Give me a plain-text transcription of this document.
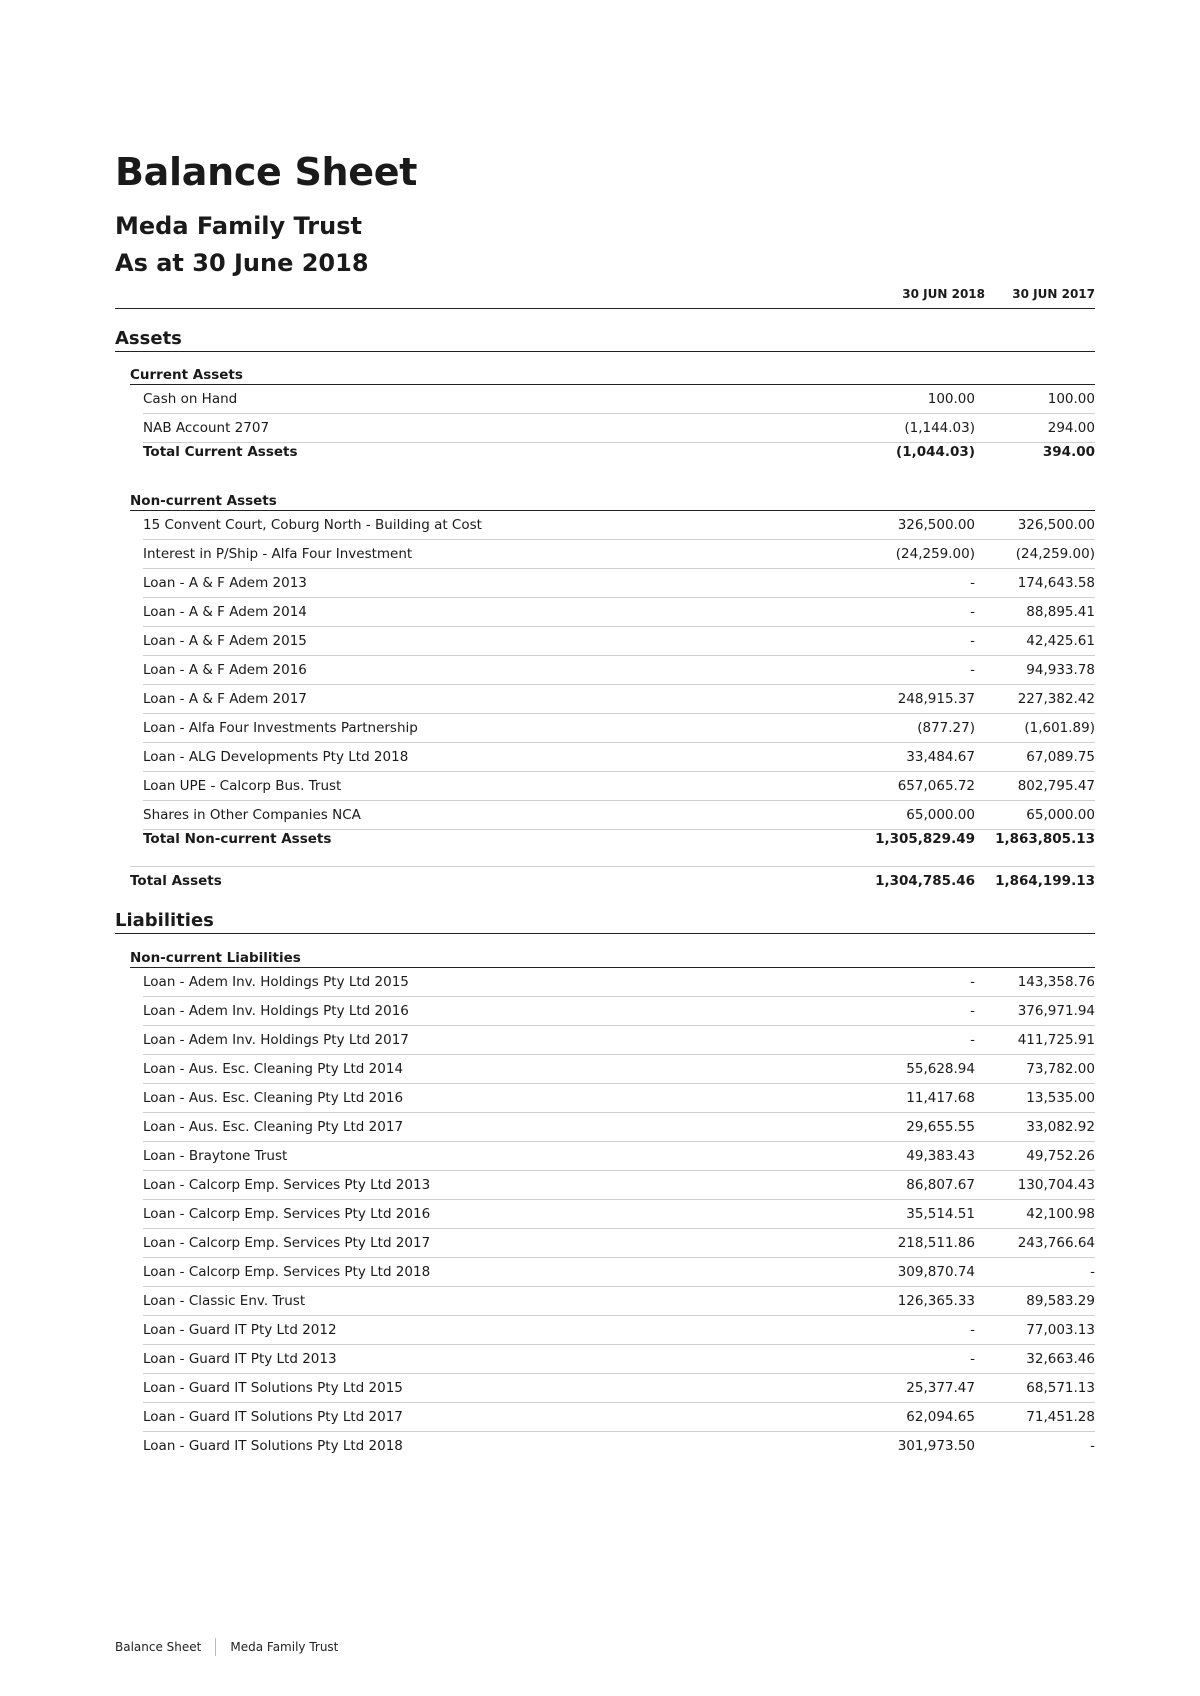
Balance Sheet
Meda Family Trust
As at 30 June 2018
30 JUN 2018	30 JUN 2017
Assets
Current Assets
Cash on Hand	100.00	100.00
NAB Account 2707	(1,144.03)	294.00
Total Current Assets	(1,044.03)	394.00
Non-current Assets
15 Convent Court, Coburg North - Building at Cost	326,500.00	326,500.00
Interest in P/Ship - Alfa Four Investment	(24,259.00)	(24,259.00)
Loan - A & F Adem 2013	-	174,643.58
Loan - A & F Adem 2014	-	88,895.41
Loan - A & F Adem 2015	-	42,425.61
Loan - A & F Adem 2016	-	94,933.78
Loan - A & F Adem 2017	248,915.37	227,382.42
Loan - Alfa Four Investments Partnership	(877.27)	(1,601.89)
Loan - ALG Developments Pty Ltd 2018	33,484.67	67,089.75
Loan UPE - Calcorp Bus. Trust	657,065.72	802,795.47
Shares in Other Companies NCA	65,000.00	65,000.00
Total Non-current Assets	1,305,829.49	1,863,805.13
Total Assets	1,304,785.46	1,864,199.13
Liabilities
Non-current Liabilities
Loan - Adem Inv. Holdings Pty Ltd 2015	-	143,358.76
Loan - Adem Inv. Holdings Pty Ltd 2016	-	376,971.94
Loan - Adem Inv. Holdings Pty Ltd 2017	-	411,725.91
Loan - Aus. Esc. Cleaning Pty Ltd 2014	55,628.94	73,782.00
Loan - Aus. Esc. Cleaning Pty Ltd 2016	11,417.68	13,535.00
Loan - Aus. Esc. Cleaning Pty Ltd 2017	29,655.55	33,082.92
Loan - Braytone Trust	49,383.43	49,752.26
Loan - Calcorp Emp. Services Pty Ltd 2013	86,807.67	130,704.43
Loan - Calcorp Emp. Services Pty Ltd 2016	35,514.51	42,100.98
Loan - Calcorp Emp. Services Pty Ltd 2017	218,511.86	243,766.64
Loan - Calcorp Emp. Services Pty Ltd 2018	309,870.74	-
Loan - Classic Env. Trust	126,365.33	89,583.29
Loan - Guard IT Pty Ltd 2012	-	77,003.13
Loan - Guard IT Pty Ltd 2013	-	32,663.46
Loan - Guard IT Solutions Pty Ltd 2015	25,377.47	68,571.13
Loan - Guard IT Solutions Pty Ltd 2017	62,094.65	71,451.28
Loan - Guard IT Solutions Pty Ltd 2018	301,973.50	-
Balance Sheet Meda Family Trust
